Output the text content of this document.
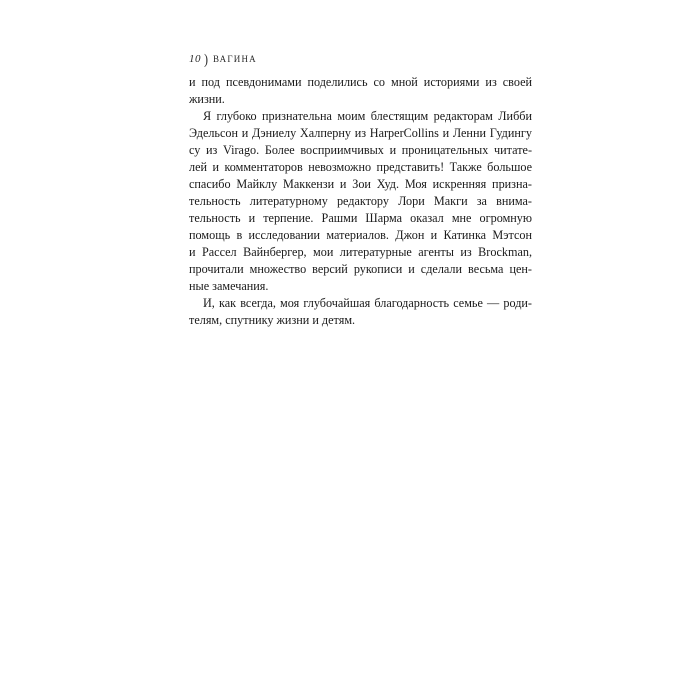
10 ) ВАГИНА
и под псевдонимами поделились со мной историями из своей
жизни.
Я глубоко признательна моим блестящим редакторам Либби
Эдельсон и Дэниелу Халперну из HarperCollins и Ленни Гудингу
су из Virago. Более восприимчивых и проницательных читате-
лей и комментаторов невозможно представить! Также большое
спасибо Майклу Маккензи и Зои Худ. Моя искренняя призна-
тельность литературному редактору Лори Макги за внима-
тельность и терпение. Рашми Шарма оказал мне огромную
помощь в исследовании материалов. Джон и Катинка Мэтсон
и Рассел Вайнбергер, мои литературные агенты из Brockman,
прочитали множество версий рукописи и сделали весьма цен-
ные замечания.
И, как всегда, моя глубочайшая благодарность семье — роди-
телям, спутнику жизни и детям.
